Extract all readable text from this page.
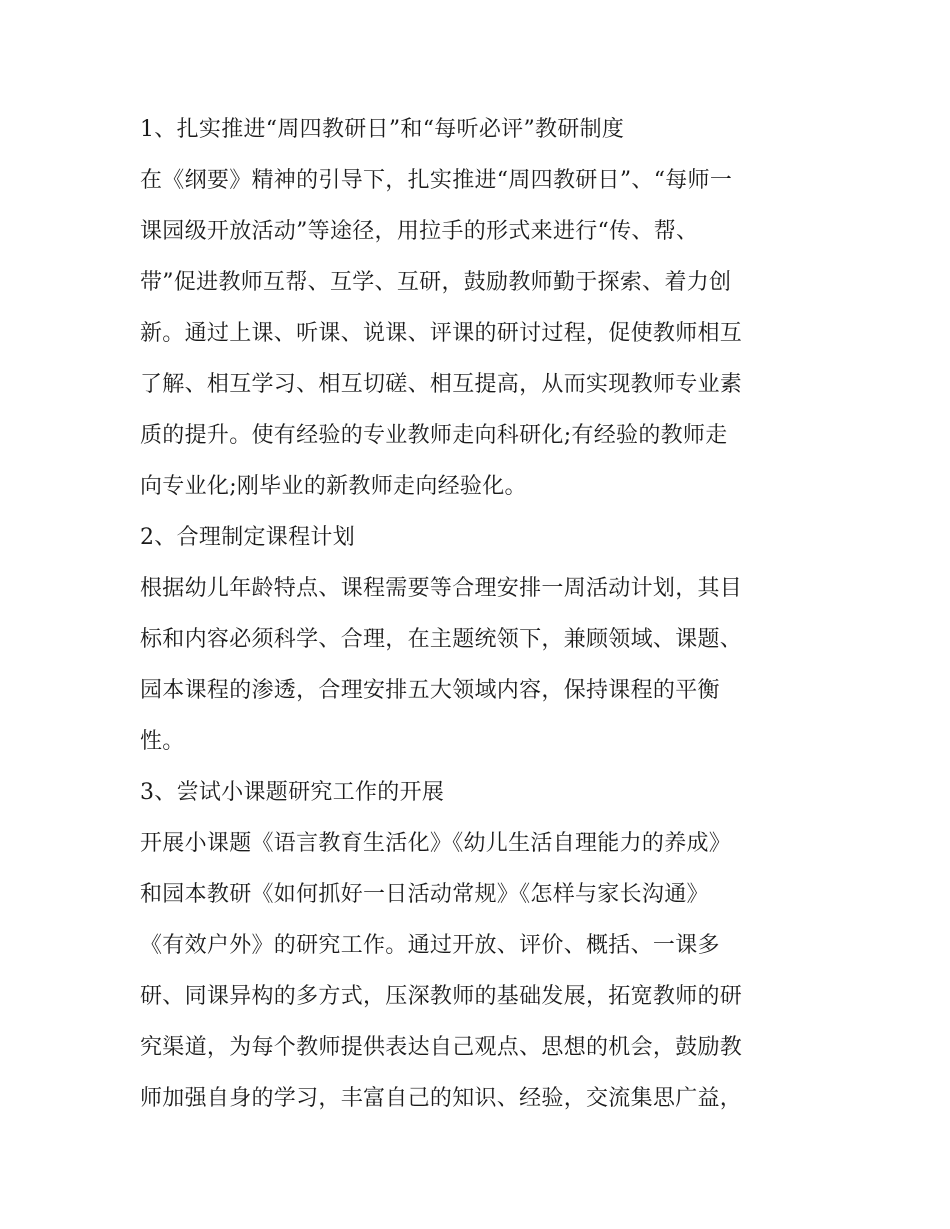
1、扎实推进“周四教研日”和“每听必评”教研制度
在《纲要》精神的引导下，扎实推进“周四教研日”、“每师一
课园级开放活动”等途径，用拉手的形式来进行“传、帮、
带”促进教师互帮、互学、互研，鼓励教师勤于探索、着力创
新。通过上课、听课、说课、评课的研讨过程，促使教师相互
了解、相互学习、相互切磋、相互提高，从而实现教师专业素
质的提升。使有经验的专业教师走向科研化;有经验的教师走
向专业化;刚毕业的新教师走向经验化。
2、合理制定课程计划
根据幼儿年龄特点、课程需要等合理安排一周活动计划，其目
标和内容必须科学、合理，在主题统领下，兼顾领域、课题、
园本课程的渗透，合理安排五大领域内容，保持课程的平衡
性。
3、尝试小课题研究工作的开展
开展小课题《语言教育生活化》《幼儿生活自理能力的养成》
和园本教研《如何抓好一日活动常规》《怎样与家长沟通》
《有效户外》的研究工作。通过开放、评价、概括、一课多
研、同课异构的多方式，压深教师的基础发展，拓宽教师的研
究渠道，为每个教师提供表达自己观点、思想的机会，鼓励教
师加强自身的学习，丰富自己的知识、经验，交流集思广益，
